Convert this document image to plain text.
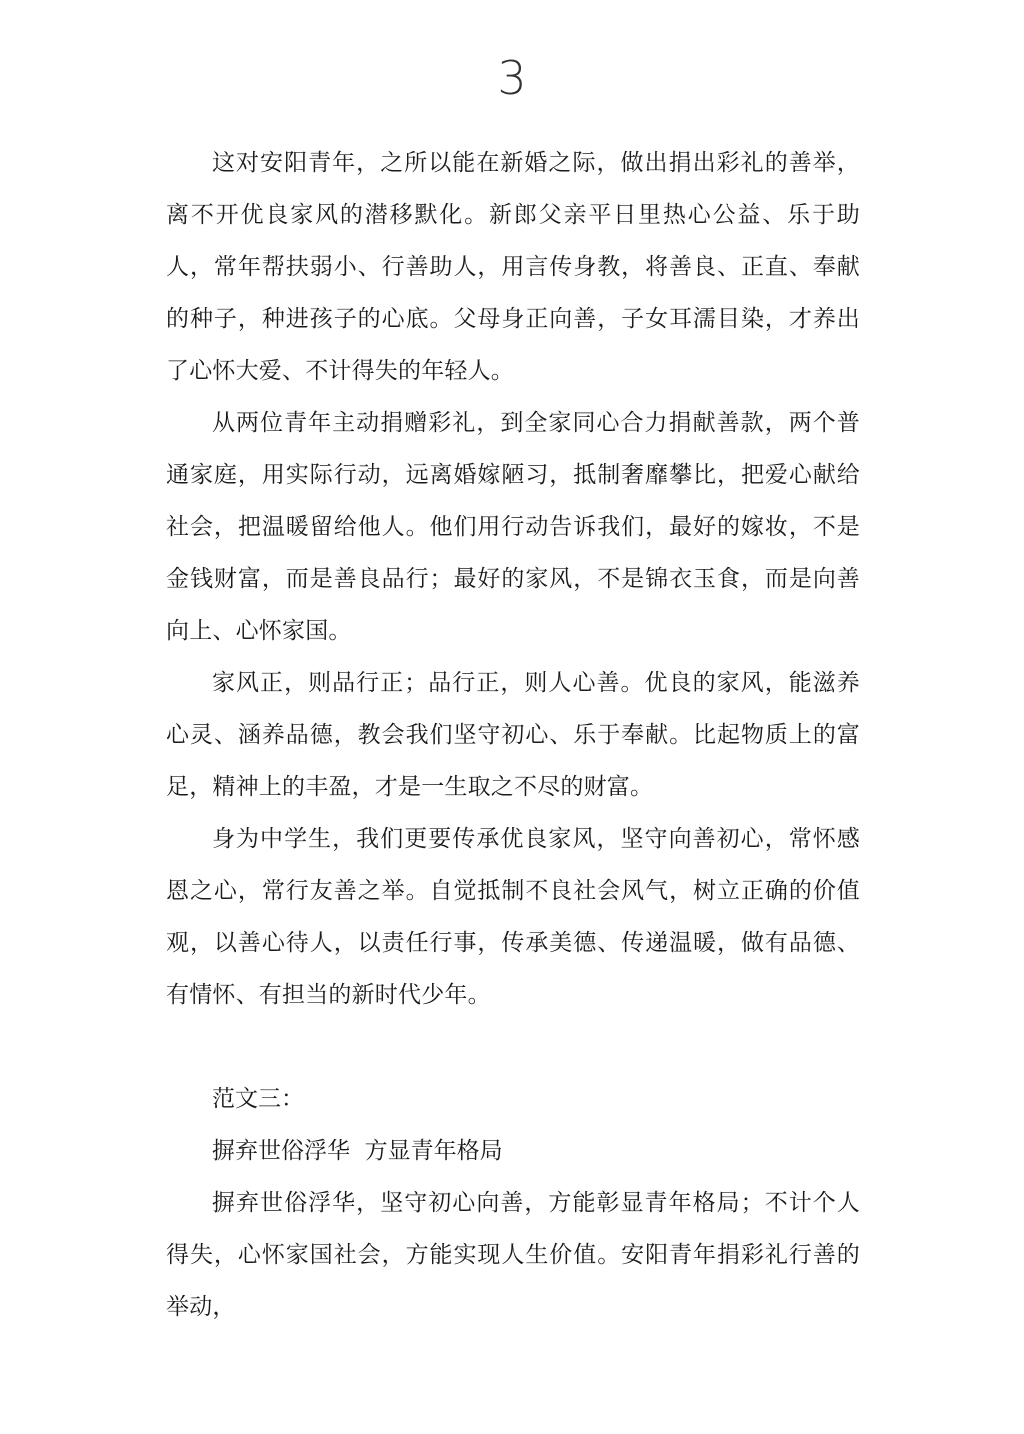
3

这对安阳青年，之所以能在新婚之际，做出捐出彩礼的善举，离不开优良家风的潜移默化。新郎父亲平日里热心公益、乐于助人，常年帮扶弱小、行善助人，用言传身教，将善良、正直、奉献的种子，种进孩子的心底。父母身正向善，子女耳濡目染，才养出了心怀大爱、不计得失的年轻人。

从两位青年主动捐赠彩礼，到全家同心合力捐献善款，两个普通家庭，用实际行动，远离婚嫁陋习，抵制奢靡攀比，把爱心献给社会，把温暖留给他人。他们用行动告诉我们，最好的嫁妆，不是金钱财富，而是善良品行；最好的家风，不是锦衣玉食，而是向善向上、心怀家国。

家风正，则品行正；品行正，则人心善。优良的家风，能滋养心灵、涵养品德，教会我们坚守初心、乐于奉献。比起物质上的富足，精神上的丰盈，才是一生取之不尽的财富。

身为中学生，我们更要传承优良家风，坚守向善初心，常怀感恩之心，常行友善之举。自觉抵制不良社会风气，树立正确的价值观，以善心待人，以责任行事，传承美德、传递温暖，做有品德、有情怀、有担当的新时代少年。

范文三：

摒弃世俗浮华  方显青年格局

摒弃世俗浮华，坚守初心向善，方能彰显青年格局；不计个人得失，心怀家国社会，方能实现人生价值。安阳青年捐彩礼行善的举动，
